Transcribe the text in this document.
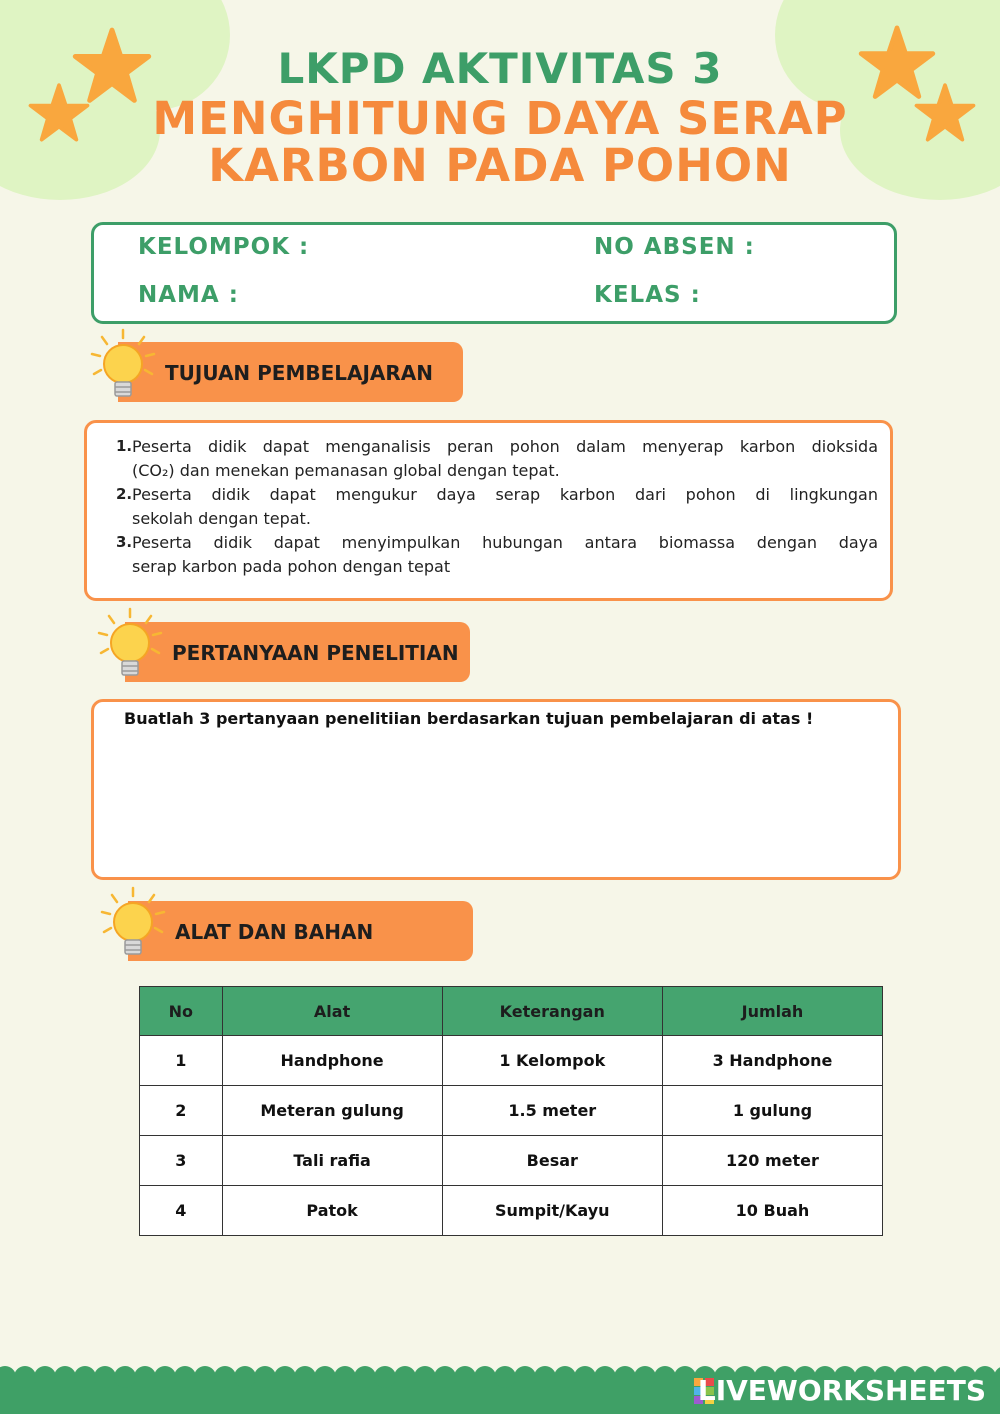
LKPD AKTIVITAS 3
MENGHITUNG DAYA SERAP
KARBON PADA POHON
KELOMPOK :
NAMA :
NO ABSEN :
KELAS :
TUJUAN PEMBELAJARAN
1. Peserta didik dapat menganalisis peran pohon dalam menyerap karbon dioksida
(CO₂) dan menekan pemanasan global dengan tepat.
2. Peserta didik dapat mengukur daya serap karbon dari pohon di lingkungan
sekolah dengan tepat.
3. Peserta didik dapat menyimpulkan hubungan antara biomassa dengan daya
serap karbon pada pohon dengan tepat
PERTANYAAN PENELITIAN
Buatlah 3 pertanyaan penelitiian berdasarkan tujuan pembelajaran di atas !
ALAT DAN BAHAN
No	Alat	Keterangan	Jumlah
1	Handphone	1 Kelompok	3 Handphone
2	Meteran gulung	1.5 meter	1 gulung
3	Tali rafia	Besar	120 meter
4	Patok	Sumpit/Kayu	10 Buah
LIVEWORKSHEETS
